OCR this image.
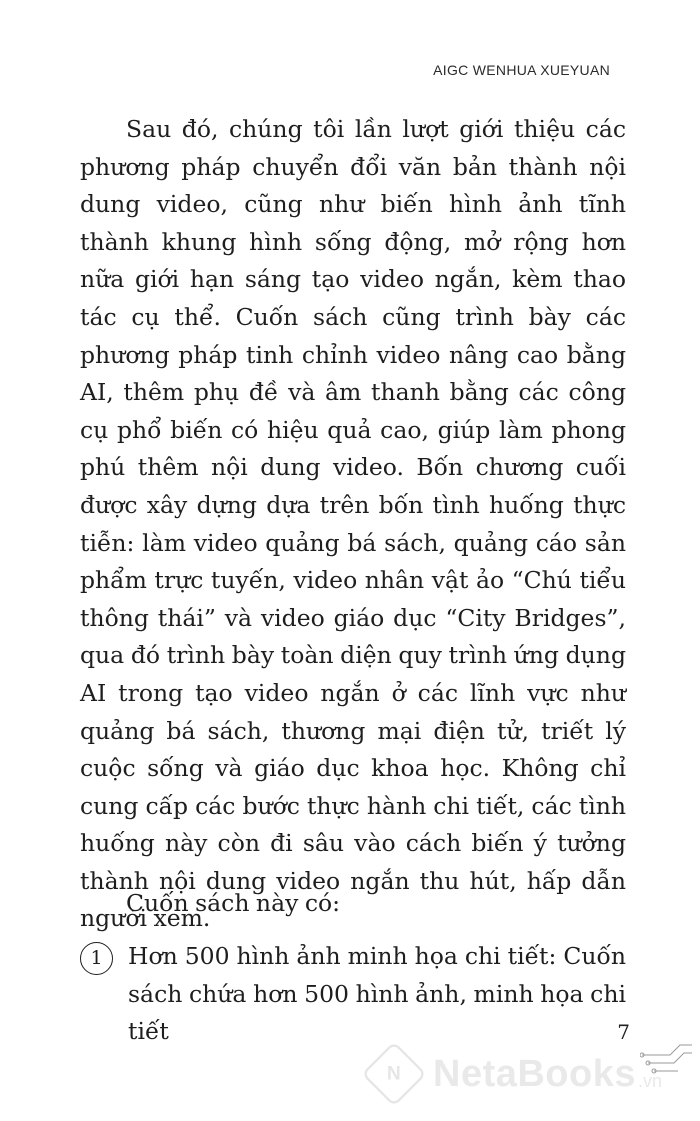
AIGC WENHUA XUEYUAN
Sau đó, chúng tôi lần lượt giới thiệu các phương pháp chuyển đổi văn bản thành nội dung video, cũng như biến hình ảnh tĩnh thành khung hình sống động, mở rộng hơn nữa giới hạn sáng tạo video ngắn, kèm thao tác cụ thể. Cuốn sách cũng trình bày các phương pháp tinh chỉnh video nâng cao bằng AI, thêm phụ đề và âm thanh bằng các công cụ phổ biến có hiệu quả cao, giúp làm phong phú thêm nội dung video. Bốn chương cuối được xây dựng dựa trên bốn tình huống thực tiễn: làm video quảng bá sách, quảng cáo sản phẩm trực tuyến, video nhân vật ảo “Chú tiểu thông thái” và video giáo dục “City Bridges”, qua đó trình bày toàn diện quy trình ứng dụng AI trong tạo video ngắn ở các lĩnh vực như quảng bá sách, thương mại điện tử, triết lý cuộc sống và giáo dục khoa học. Không chỉ cung cấp các bước thực hành chi tiết, các tình huống này còn đi sâu vào cách biến ý tưởng thành nội dung video ngắn thu hút, hấp dẫn người xem.
Cuốn sách này có:
1	Hơn 500 hình ảnh minh họa chi tiết: Cuốn sách chứa hơn 500 hình ảnh, minh họa chi tiết	7
N NetaBooks .vn
